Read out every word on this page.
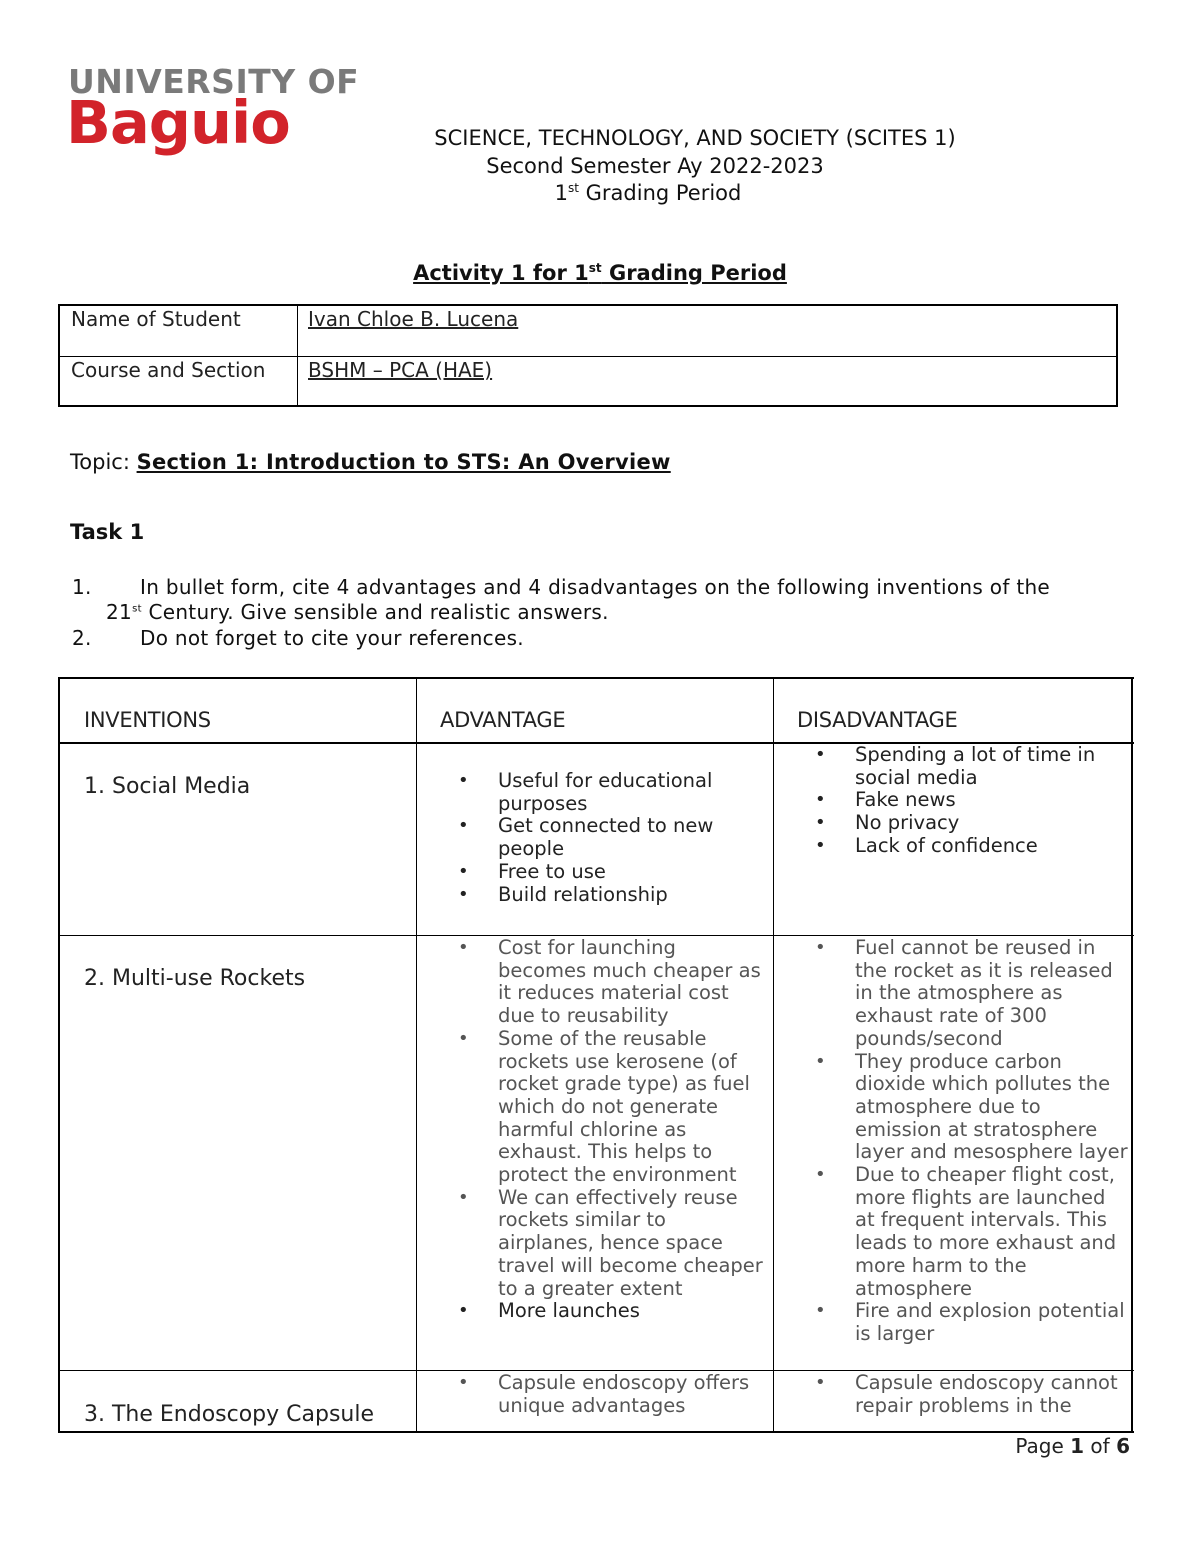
UNIVERSITY OF
Baguio	SCIENCE, TECHNOLOGY, AND SOCIETY (SCITES 1)
Second Semester Ay 2022-2023
1st Grading Period
Activity 1 for 1st Grading Period
Name of Student	Ivan Chloe B. Lucena
Course and Section BSHM – PCA (HAE)
Topic: Section 1: Introduction to STS: An Overview
Task 1
1. In bullet form, cite 4 advantages and 4 disadvantages on the following inventions of the
21st Century. Give sensible and realistic answers.
2. Do not forget to cite your references.
INVENTIONS	ADVANTAGE	DISADVANTAGE
1. Social Media
•	Useful for educational purposes
• Get connected to new people
• Free to use
• Build relationship
• Spending a lot of time in social media
• Fake news
• No privacy
• Lack of confidence
2. Multi-use Rockets
• Cost for launching becomes much cheaper as it reduces material cost due to reusability
• Some of the reusable rockets use kerosene (of rocket grade type) as fuel which do not generate harmful chlorine as exhaust. This helps to protect the environment
• We can effectively reuse rockets similar to airplanes, hence space travel will become cheaper to a greater extent
• More launches
• Fuel cannot be reused in the rocket as it is released in the atmosphere as exhaust rate of 300 pounds/second
• They produce carbon dioxide which pollutes the atmosphere due to emission at stratosphere layer and mesosphere layer
• Due to cheaper flight cost, more flights are launched at frequent intervals. This leads to more exhaust and more harm to the atmosphere
• Fire and explosion potential is larger
3. The Endoscopy Capsule
• Capsule endoscopy offers unique advantages
• Capsule endoscopy cannot repair problems in the
Page 1 of 6
